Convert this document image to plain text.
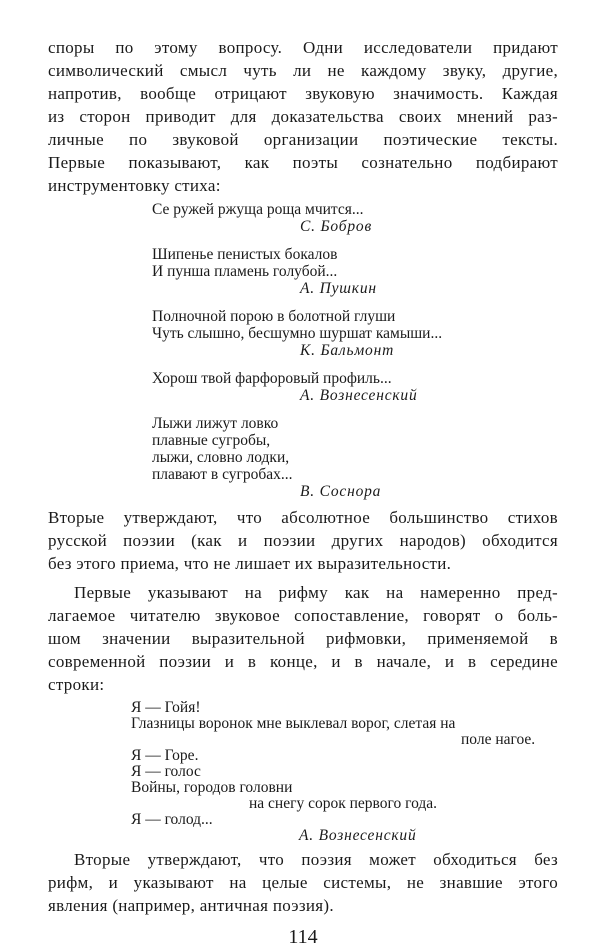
споры по этому вопросу. Одни исследователи придают
символический смысл чуть ли не каждому звуку, другие,
напротив, вообще отрицают звуковую значимость. Каждая
из сторон приводит для доказательства своих мнений раз-
личные по звуковой организации поэтические тексты.
Первые показывают, как поэты сознательно подбирают
инструментовку стиха:
Се ружей ржуща роща мчится...
С. Бобров
Шипенье пенистых бокалов
И пунша пламень голубой...
А. Пушкин
Полночной порою в болотной глуши
Чуть слышно, бесшумно шуршат камыши...
К. Бальмонт
Хорош твой фарфоровый профиль...
А. Вознесенский
Лыжи лижут ловко
плавные сугробы,
лыжи, словно лодки,
плавают в сугробах...
В. Соснора
Вторые утверждают, что абсолютное большинство стихов
русской поэзии (как и поэзии других народов) обходится
без этого приема, что не лишает их выразительности.
Первые указывают на рифму как на намеренно пред-
лагаемое читателю звуковое сопоставление, говорят о боль-
шом значении выразительной рифмовки, применяемой в
современной поэзии и в конце, и в начале, и в середине
строки:
Я — Гойя!
Глазницы воронок мне выклевал ворог, слетая на
поле нагое.
Я — Горе.
Я — голос
Войны, городов головни
на снегу сорок первого года.
Я — голод...
А. Вознесенский
Вторые утверждают, что поэзия может обходиться без
рифм, и указывают на целые системы, не знавшие этого
явления (например, античная поэзия).
114
